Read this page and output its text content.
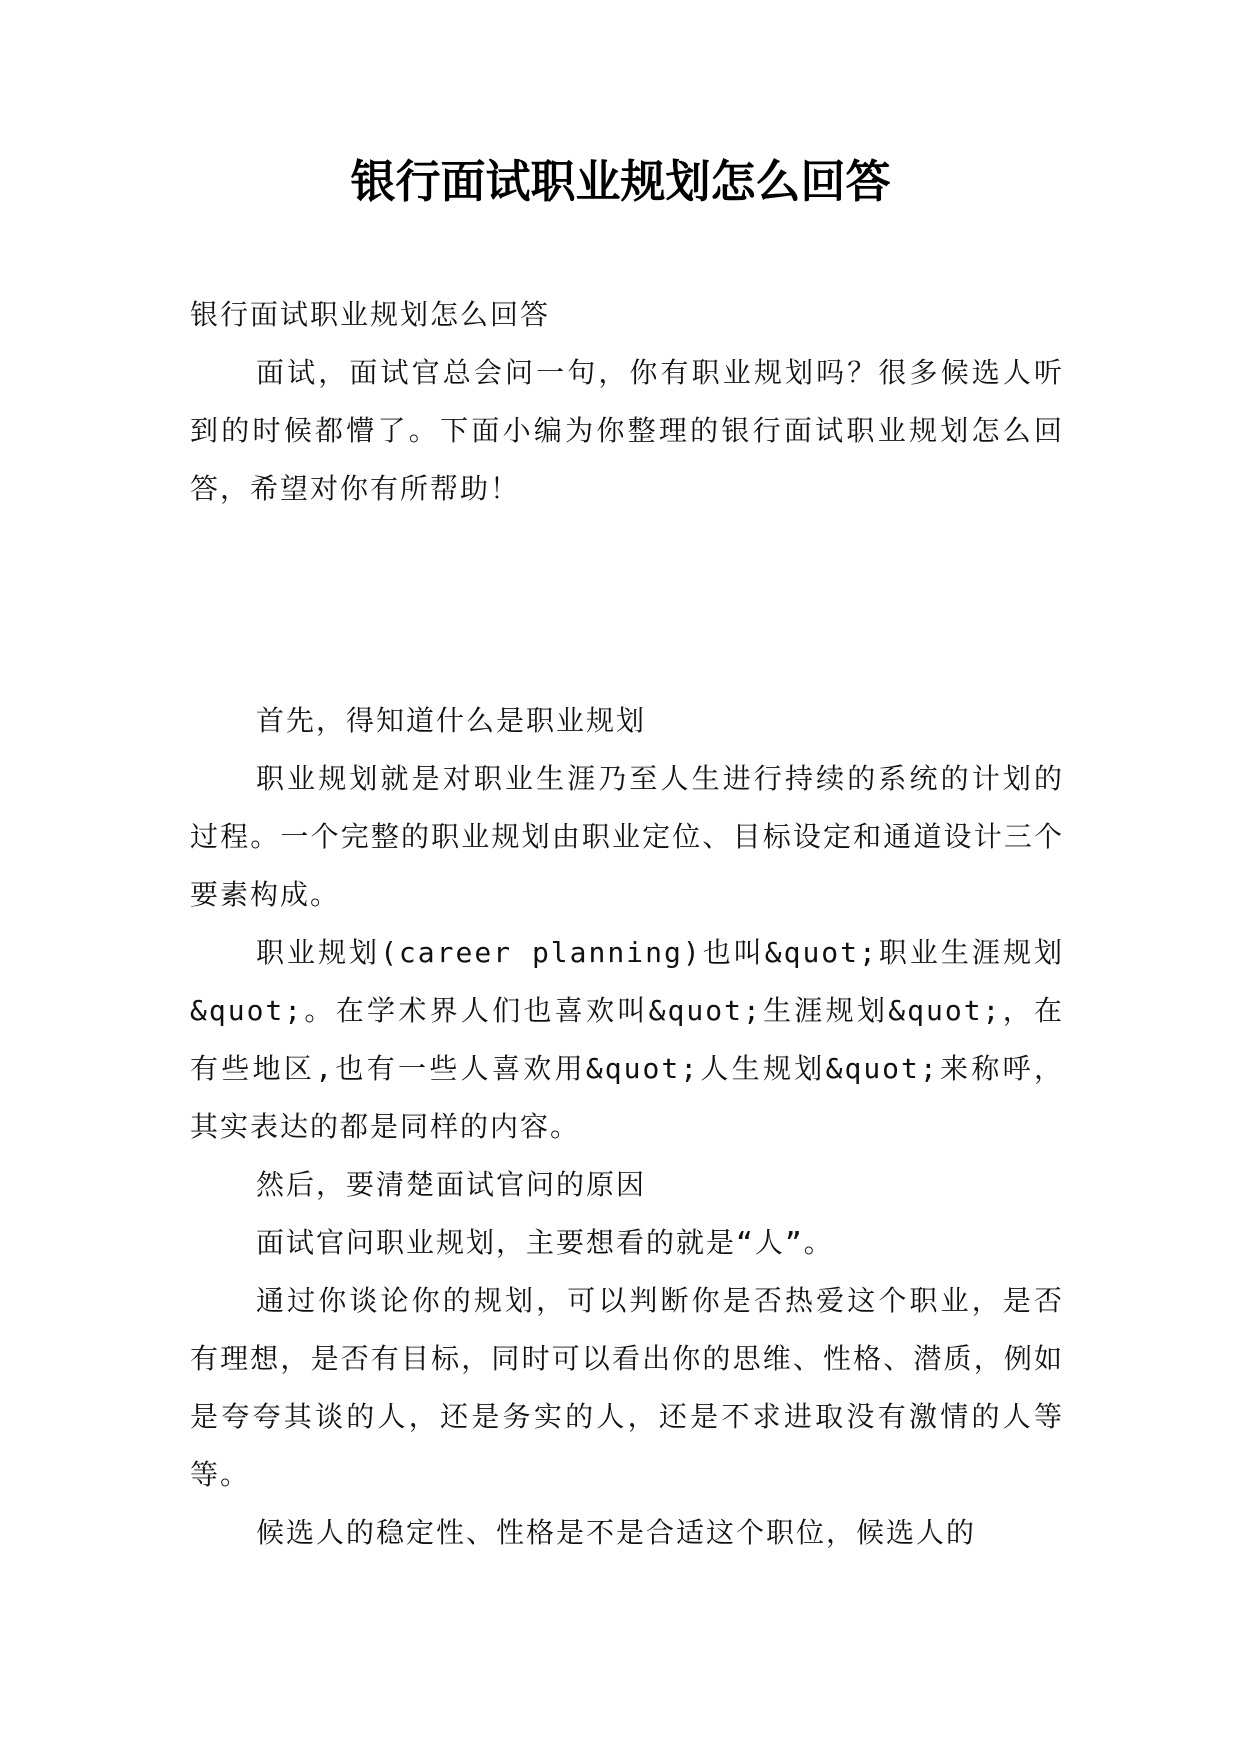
银行面试职业规划怎么回答

银行面试职业规划怎么回答

面试，面试官总会问一句，你有职业规划吗？很多候选人听到的时候都懵了。下面小编为你整理的银行面试职业规划怎么回答，希望对你有所帮助！

首先，得知道什么是职业规划

职业规划就是对职业生涯乃至人生进行持续的系统的计划的过程。一个完整的职业规划由职业定位、目标设定和通道设计三个要素构成。

职业规划(career planning)也叫&quot;职业生涯规划&quot;。在学术界人们也喜欢叫&quot;生涯规划&quot;，在有些地区,也有一些人喜欢用&quot;人生规划&quot;来称呼，其实表达的都是同样的内容。

然后，要清楚面试官问的原因

面试官问职业规划，主要想看的就是“人”。

通过你谈论你的规划，可以判断你是否热爱这个职业，是否有理想，是否有目标，同时可以看出你的思维、性格、潜质，例如是夸夸其谈的人，还是务实的人，还是不求进取没有激情的人等等。

候选人的稳定性、性格是不是合适这个职位，候选人的
